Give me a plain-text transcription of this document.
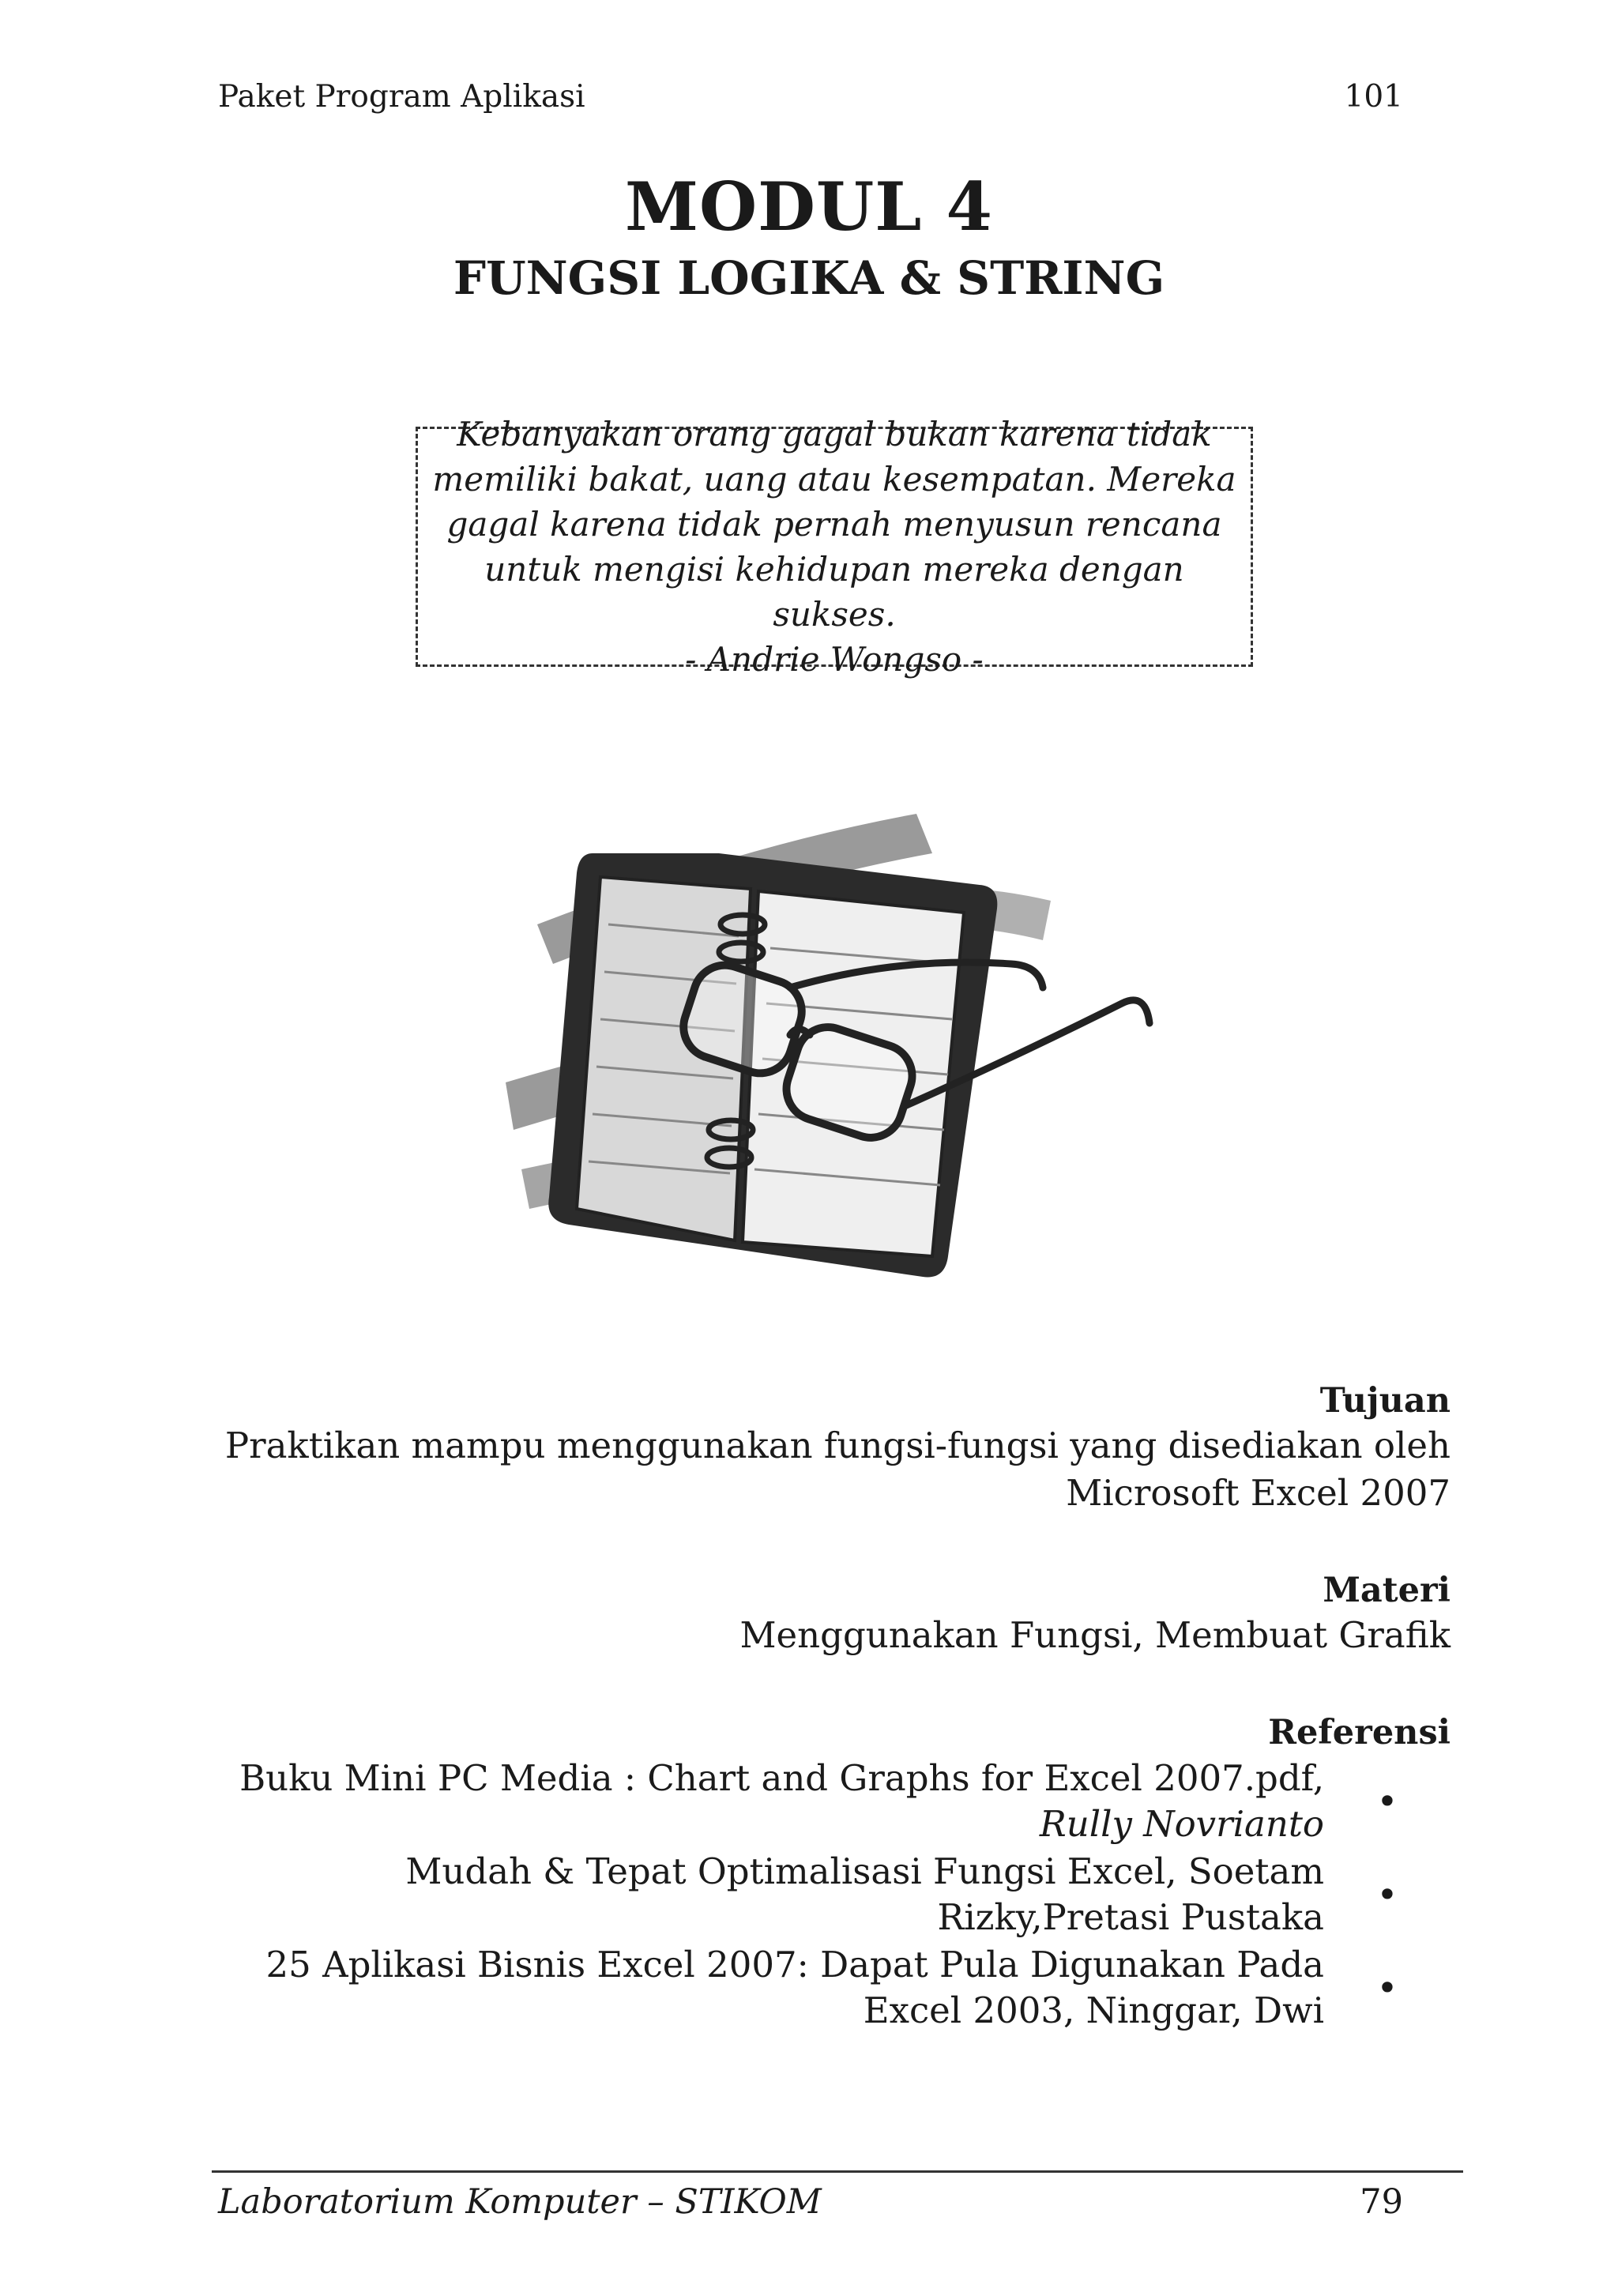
Paket Program Aplikasi	101
MODUL 4
FUNGSI LOGIKA & STRING
Kebanyakan orang gagal bukan karena tidak
memiliki bakat, uang atau kesempatan. Mereka
gagal karena tidak pernah menyusun rencana
untuk mengisi kehidupan mereka dengan sukses.
- Andrie Wongso -
Tujuan
Praktikan mampu menggunakan fungsi-fungsi yang disediakan oleh
Microsoft Excel 2007
Materi
Menggunakan Fungsi, Membuat Grafik
Referensi
Buku Mini PC Media : Chart and Graphs for Excel 2007.pdf,
Rully Novrianto
•
Mudah & Tepat Optimalisasi Fungsi Excel, Soetam
Rizky,Pretasi Pustaka
•
25 Aplikasi Bisnis Excel 2007: Dapat Pula Digunakan Pada
Excel 2003, Ninggar, Dwi
•
Laboratorium Komputer – STIKOM	79
